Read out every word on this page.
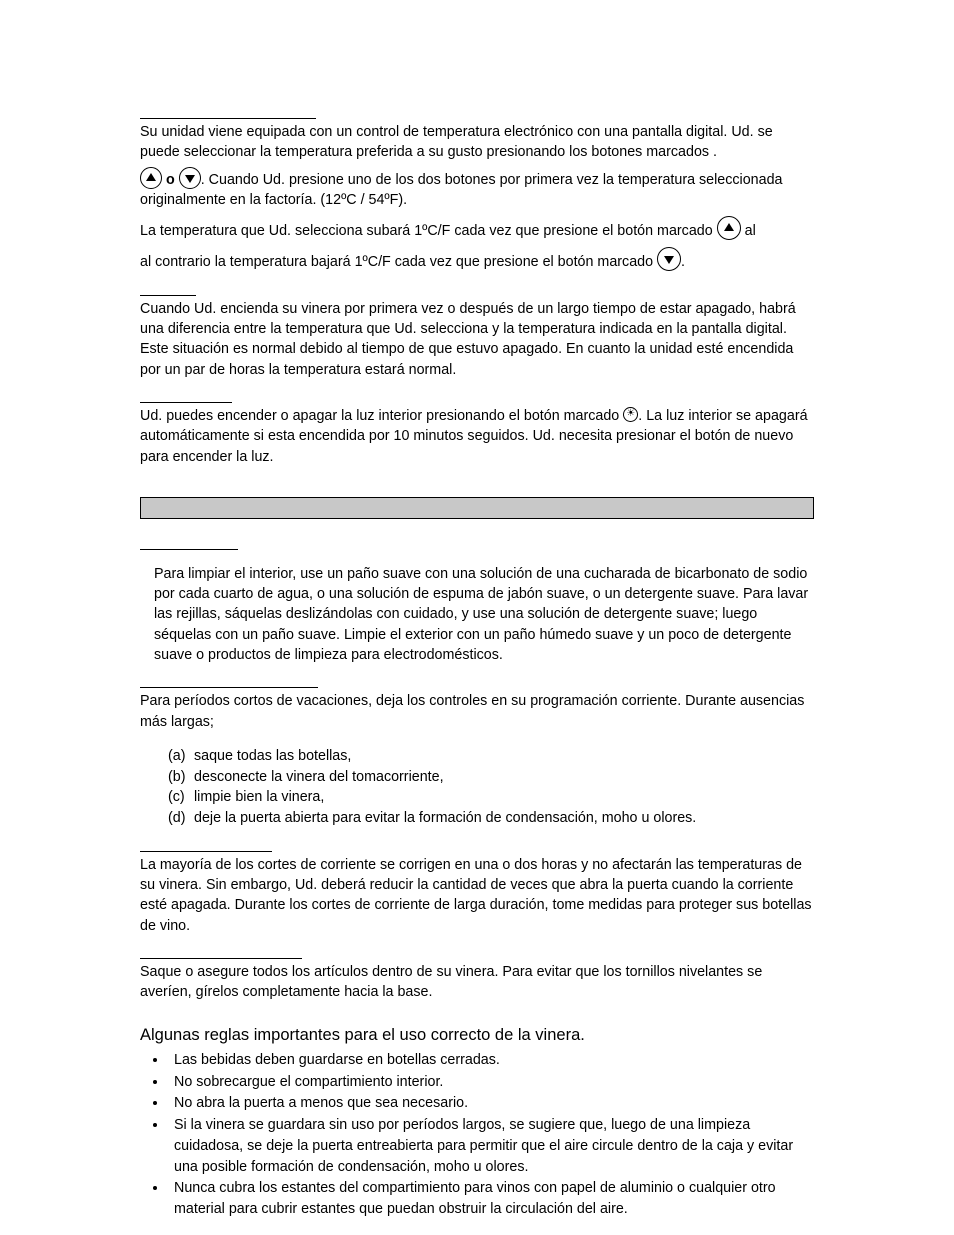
Su unidad viene equipada con un control de temperatura electrónico con una pantalla digital. Ud. se puede seleccionar la temperatura preferida a su gusto presionando los botones marcados .

o . Cuando Ud. presione uno de los dos botones por primera vez la temperatura seleccionada originalmente en la factoría. (12ºC / 54ºF).

La temperatura que Ud. selecciona subará 1ºC/F cada vez que presione el botón marcado al

al contrario la temperatura bajará 1ºC/F cada vez que presione el botón marcado .

Cuando Ud. encienda su vinera por primera vez o después de un largo tiempo de estar apagado, habrá una diferencia entre la temperatura que Ud. selecciona y la temperatura indicada en la pantalla digital. Este situación es normal debido al tiempo de que estuvo apagado. En cuanto la unidad esté encendida por un par de horas la temperatura estará normal.

Ud. puedes encender o apagar la luz interior presionando el botón marcado ☀ . La luz interior se apagará automáticamente si esta encendida por 10 minutos seguidos. Ud. necesita presionar el botón de nuevo para encender la luz.

Para limpiar el interior, use un paño suave con una solución de una cucharada de bicarbonato de sodio por cada cuarto de agua, o una solución de espuma de jabón suave, o un detergente suave. Para lavar las rejillas, sáquelas deslizándolas con cuidado, y use una solución de detergente suave; luego séquelas con un paño suave. Limpie el exterior con un paño húmedo suave y un poco de detergente suave o productos de limpieza para electrodomésticos.

Para períodos cortos de vacaciones, deja los controles en su programación corriente. Durante ausencias más largas;

(a) saque todas las botellas,
(b) desconecte la vinera del tomacorriente,
(c) limpie bien la vinera,
(d) deje la puerta abierta para evitar la formación de condensación, moho u olores.

La mayoría de los cortes de corriente se corrigen en una o dos horas y no afectarán las temperaturas de su vinera. Sin embargo, Ud. deberá reducir la cantidad de veces que abra la puerta cuando la corriente esté apagada. Durante los cortes de corriente de larga duración, tome medidas para proteger sus botellas de vino.

Saque o asegure todos los artículos dentro de su vinera. Para evitar que los tornillos nivelantes se averíen, gírelos completamente hacia la base.

Algunas reglas importantes para el uso correcto de la vinera.

• Las bebidas deben guardarse en botellas cerradas.
• No sobrecargue el compartimiento interior.
• No abra la puerta a menos que sea necesario.
• Si la vinera se guardara sin uso por períodos largos, se sugiere que, luego de una limpieza cuidadosa, se deje la puerta entreabierta para permitir que el aire circule dentro de la caja y evitar una posible formación de condensación, moho u olores.
• Nunca cubra los estantes del compartimiento para vinos con papel de aluminio o cualquier otro material para cubrir estantes que puedan obstruir la circulación del aire.
